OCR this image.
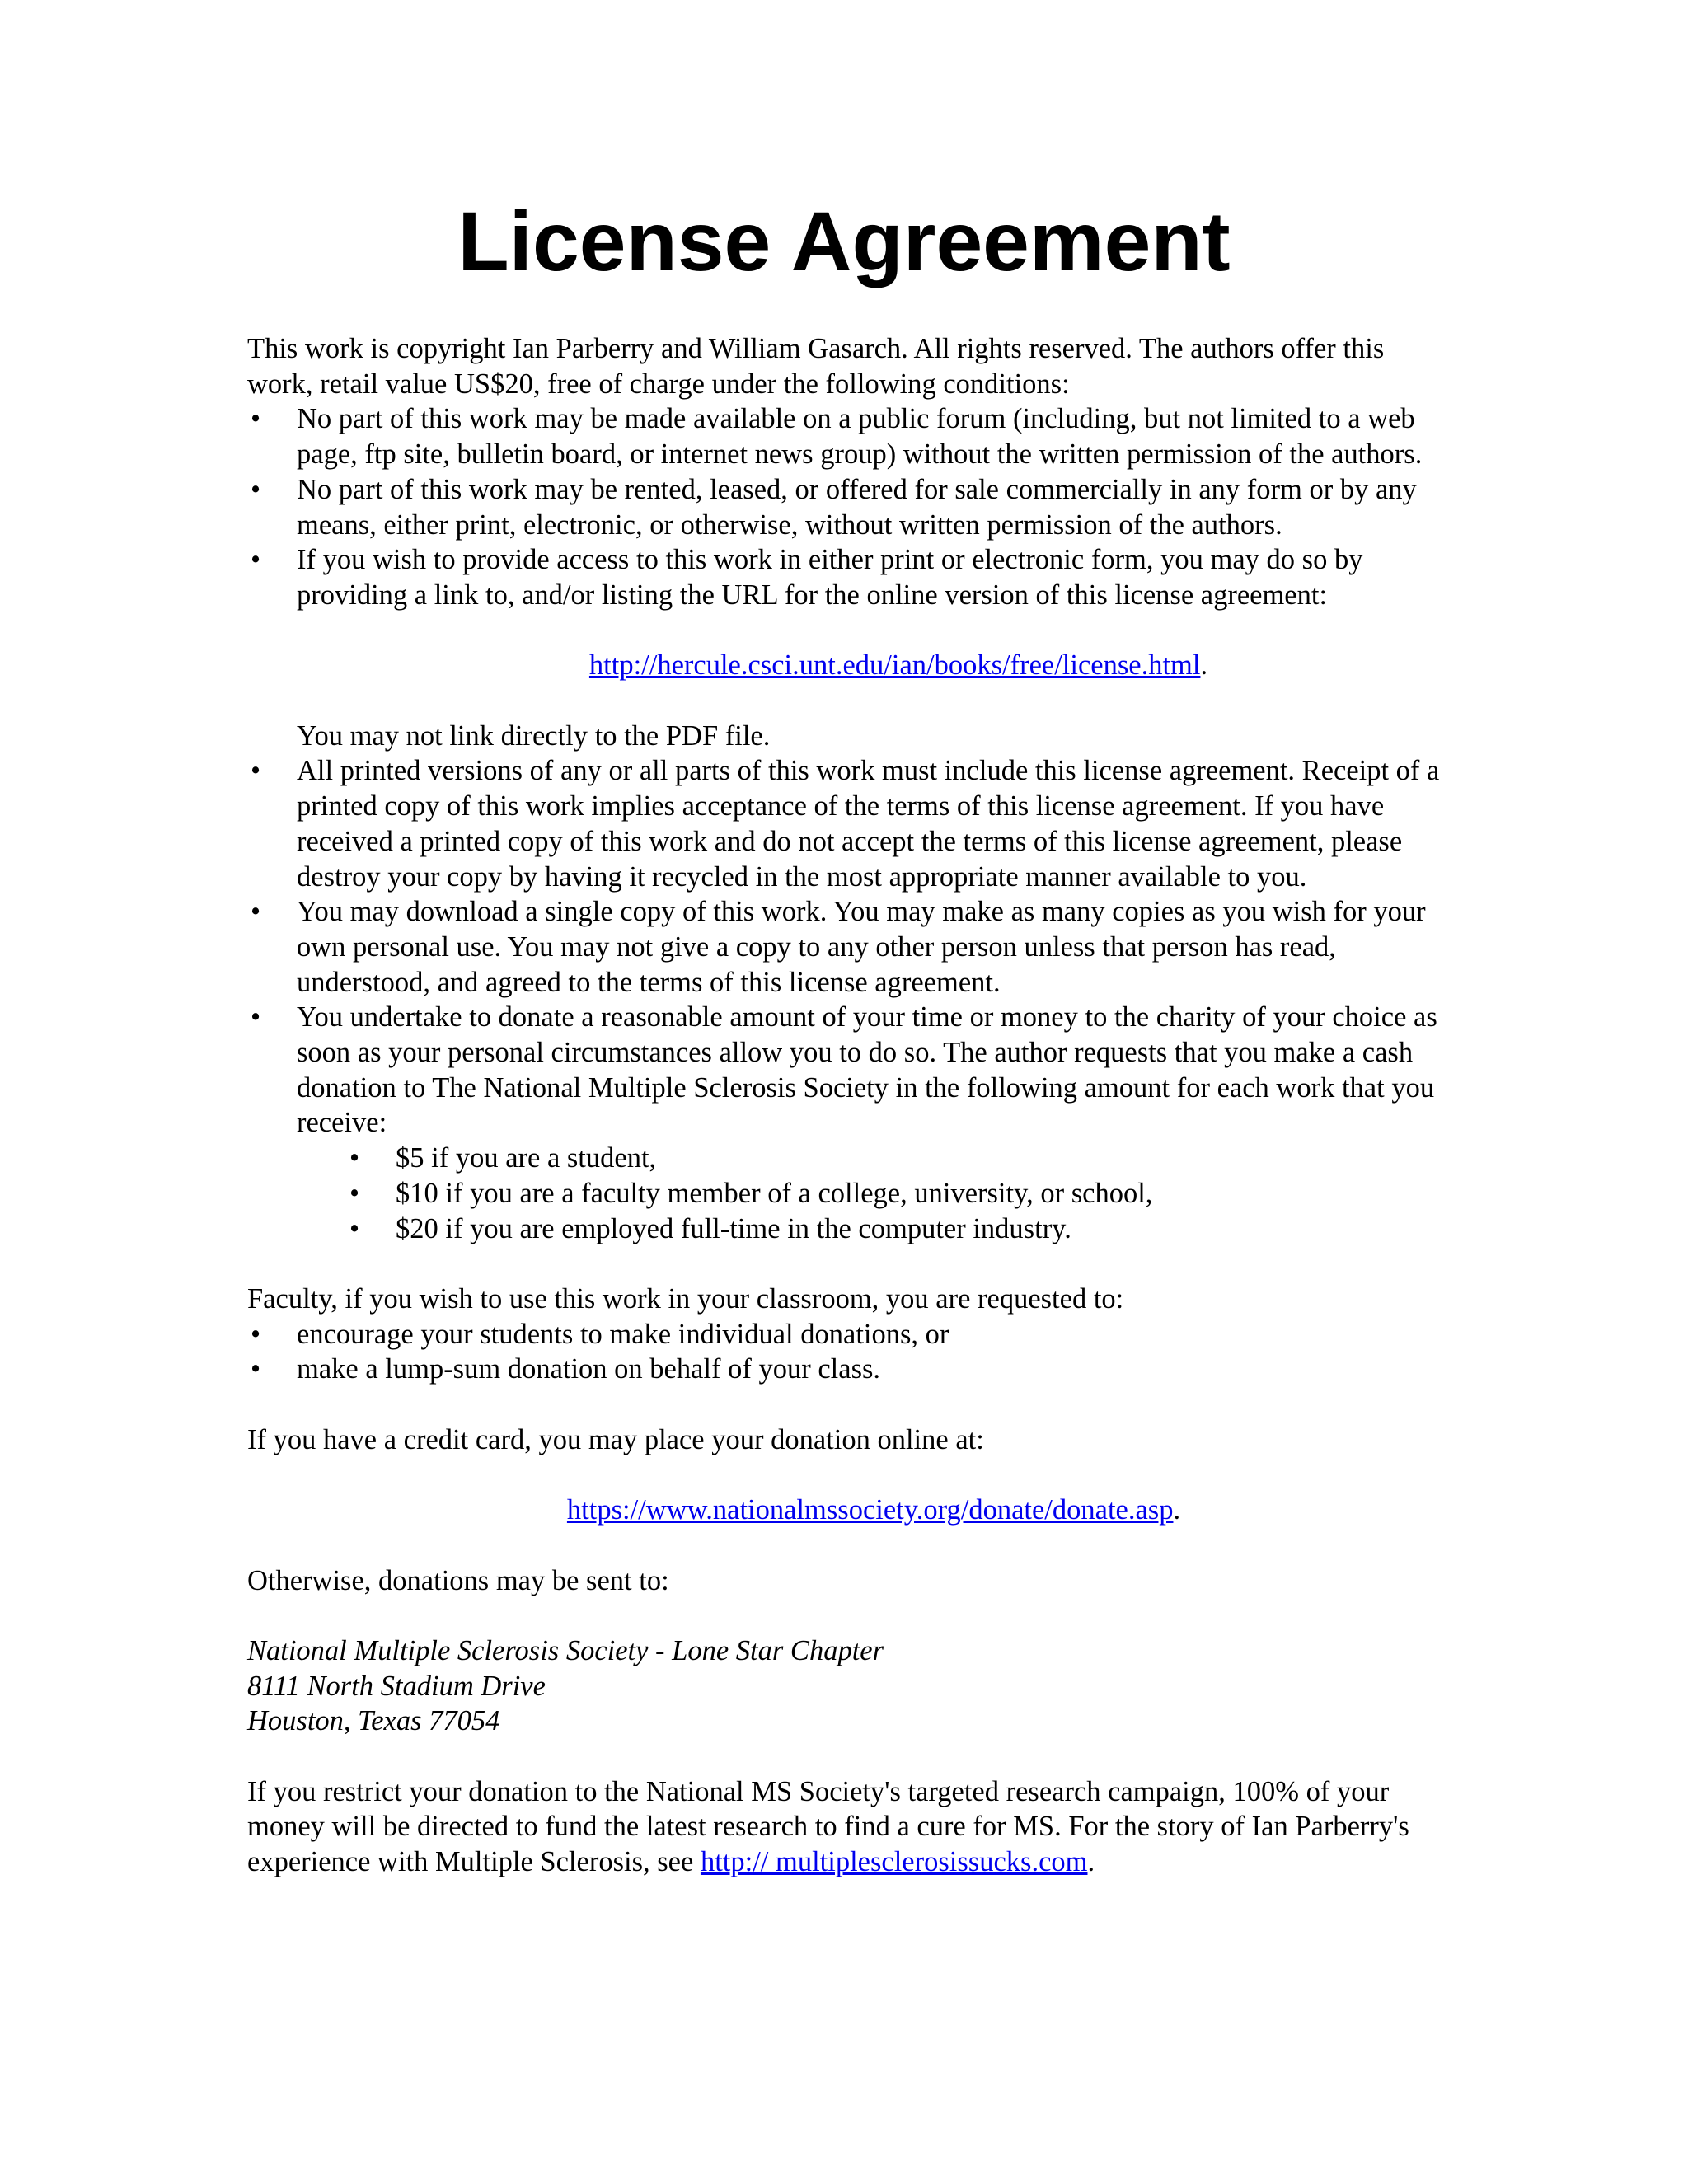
License Agreement

This work is copyright Ian Parberry and William Gasarch. All rights reserved. The authors offer this work, retail value US$20, free of charge under the following conditions:

• No part of this work may be made available on a public forum (including, but not limited to a web page, ftp site, bulletin board, or internet news group) without the written permission of the authors.
• No part of this work may be rented, leased, or offered for sale commercially in any form or by any means, either print, electronic, or otherwise, without written permission of the authors.
• If you wish to provide access to this work in either print or electronic form, you may do so by providing a link to, and/or listing the URL for the online version of this license agreement:
http://hercule.csci.unt.edu/ian/books/free/license.html.
You may not link directly to the PDF file.
• All printed versions of any or all parts of this work must include this license agreement. Receipt of a printed copy of this work implies acceptance of the terms of this license agreement. If you have received a printed copy of this work and do not accept the terms of this license agreement, please destroy your copy by having it recycled in the most appropriate manner available to you.
• You may download a single copy of this work. You may make as many copies as you wish for your own personal use. You may not give a copy to any other person unless that person has read, understood, and agreed to the terms of this license agreement.
• You undertake to donate a reasonable amount of your time or money to the charity of your choice as soon as your personal circumstances allow you to do so. The author requests that you make a cash donation to The National Multiple Sclerosis Society in the following amount for each work that you receive:
• $5 if you are a student,
• $10 if you are a faculty member of a college, university, or school,
• $20 if you are employed full-time in the computer industry.

Faculty, if you wish to use this work in your classroom, you are requested to:

• encourage your students to make individual donations, or
• make a lump-sum donation on behalf of your class.

If you have a credit card, you may place your donation online at:

https://www.nationalmssociety.org/donate/donate.asp.

Otherwise, donations may be sent to:

National Multiple Sclerosis Society - Lone Star Chapter
8111 North Stadium Drive
Houston, Texas 77054

If you restrict your donation to the National MS Society's targeted research campaign, 100% of your money will be directed to fund the latest research to find a cure for MS. For the story of Ian Parberry's experience with Multiple Sclerosis, see http:// multiplesclerosissucks.com.
